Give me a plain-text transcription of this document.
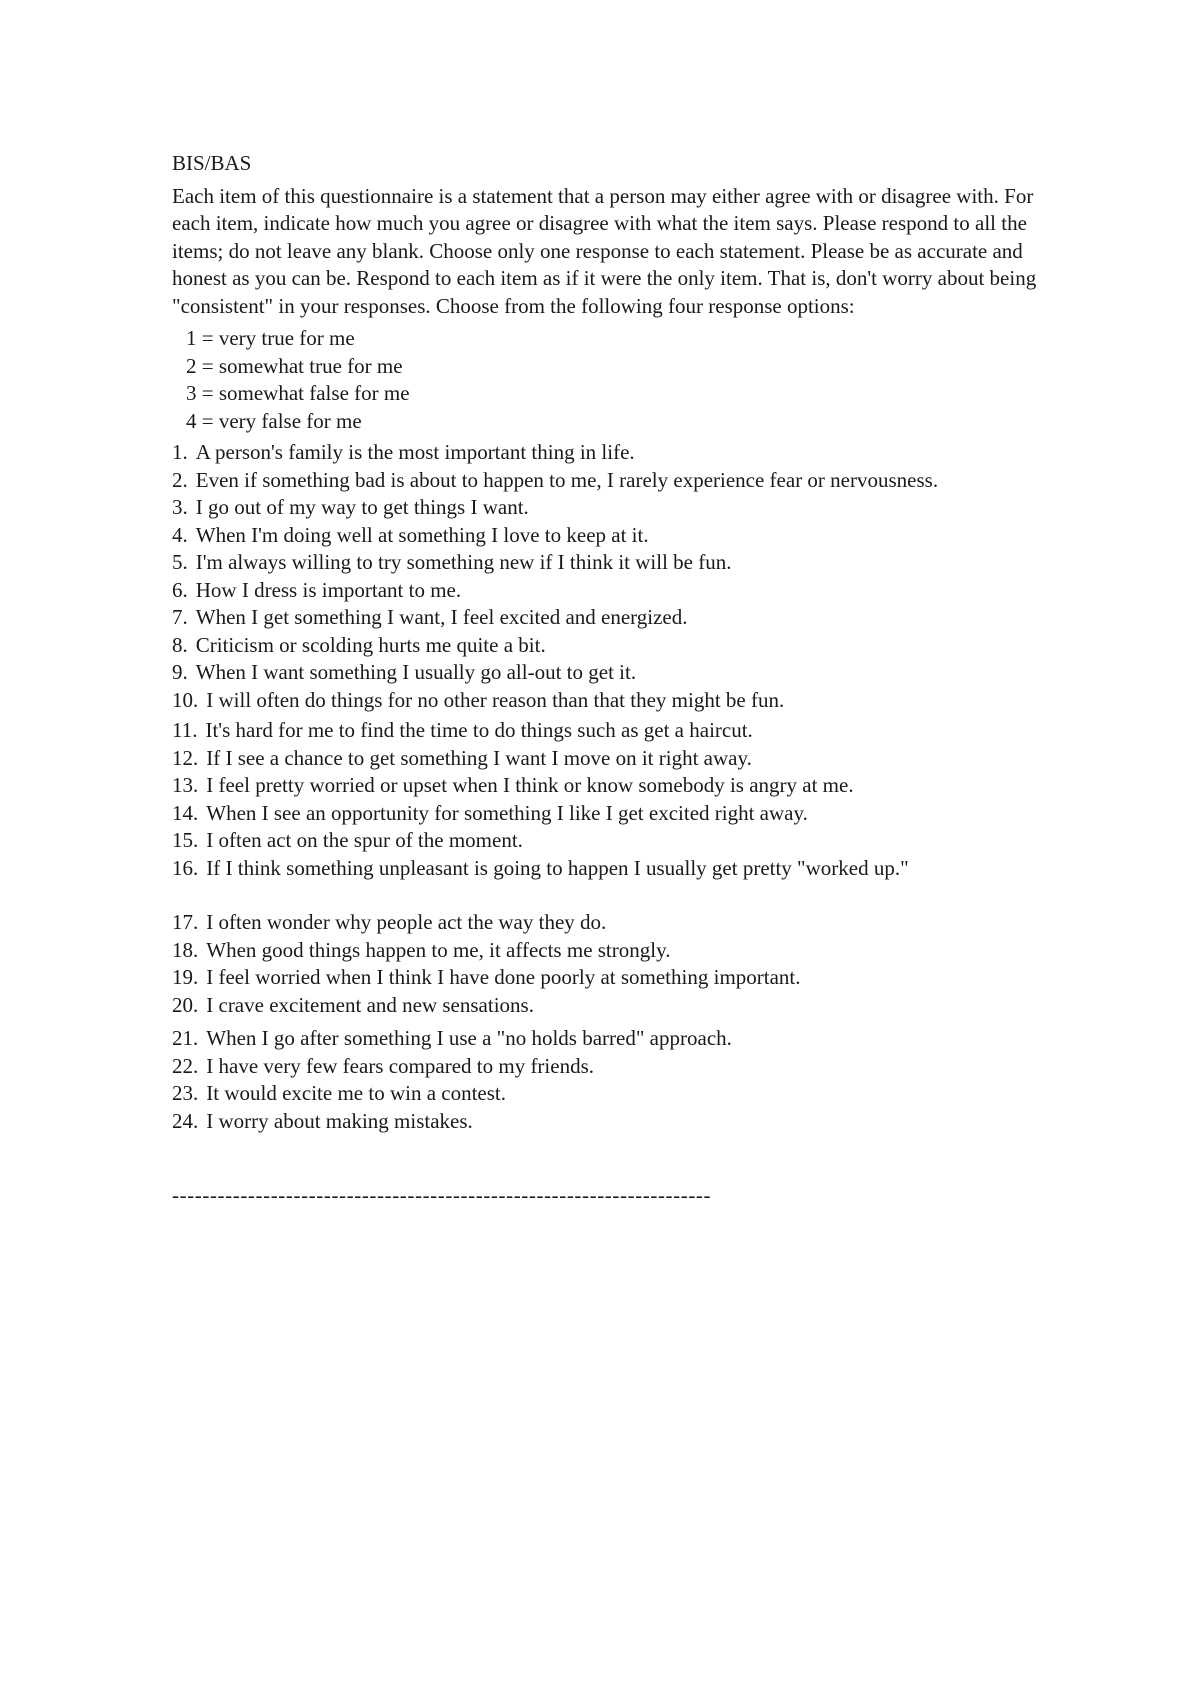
BIS/BAS
Each item of this questionnaire is a statement that a person may either agree with or disagree with. For each item, indicate how much you agree or disagree with what the item says. Please respond to all the items; do not leave any blank. Choose only one response to each statement. Please be as accurate and honest as you can be. Respond to each item as if it were the only item. That is, don't worry about being "consistent" in your responses. Choose from the following four response options:
1 = very true for me
2 = somewhat true for me
3 = somewhat false for me
4 = very false for me
1. A person's family is the most important thing in life.
2. Even if something bad is about to happen to me, I rarely experience fear or nervousness.
3. I go out of my way to get things I want.
4. When I'm doing well at something I love to keep at it.
5. I'm always willing to try something new if I think it will be fun.
6. How I dress is important to me.
7. When I get something I want, I feel excited and energized.
8. Criticism or scolding hurts me quite a bit.
9. When I want something I usually go all-out to get it.
10. I will often do things for no other reason than that they might be fun.
11. It's hard for me to find the time to do things such as get a haircut.
12. If I see a chance to get something I want I move on it right away.
13. I feel pretty worried or upset when I think or know somebody is angry at me.
14. When I see an opportunity for something I like I get excited right away.
15. I often act on the spur of the moment.
16. If I think something unpleasant is going to happen I usually get pretty "worked up."
17. I often wonder why people act the way they do.
18. When good things happen to me, it affects me strongly.
19. I feel worried when I think I have done poorly at something important.
20. I crave excitement and new sensations.
21. When I go after something I use a "no holds barred" approach.
22. I have very few fears compared to my friends.
23. It would excite me to win a contest.
24. I worry about making mistakes.
-----------------------------------------------------------------------
